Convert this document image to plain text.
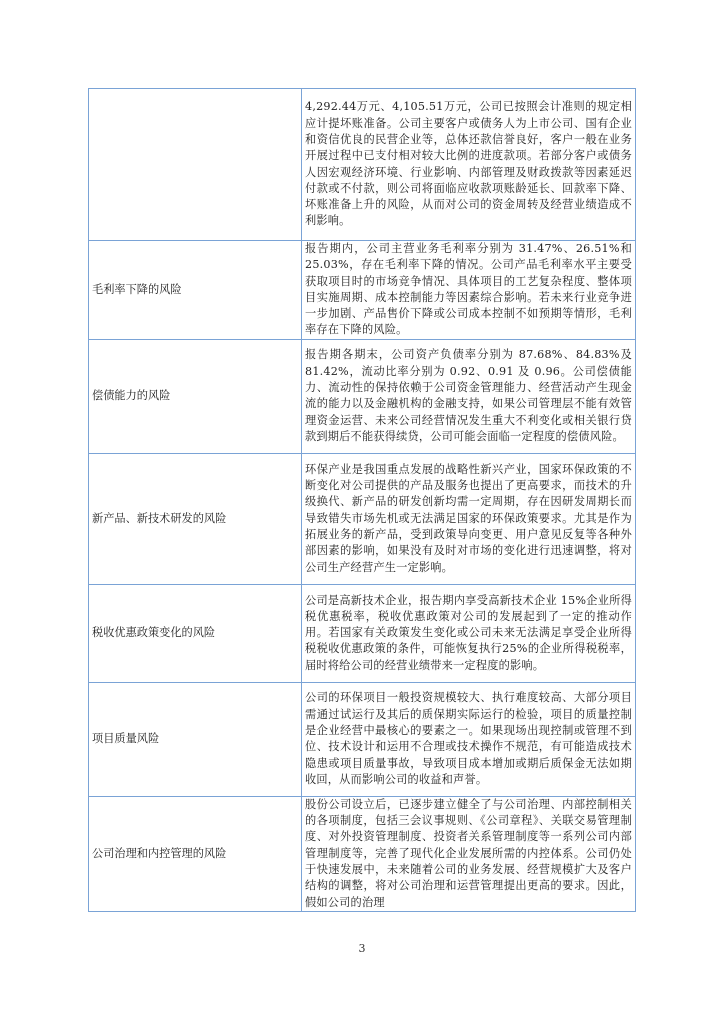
	4,292.44万元、4,105.51万元，公司已按照会计准则的规定相应计提坏账准备。公司主要客户或债务人为上市公司、国有企业和资信优良的民营企业等，总体还款信誉良好，客户一般在业务开展过程中已支付相对较大比例的进度款项。若部分客户或债务人因宏观经济环境、行业影响、内部管理及财政拨款等因素延迟付款或不付款，则公司将面临应收款项账龄延长、回款率下降、坏账准备上升的风险，从而对公司的资金周转及经营业绩造成不利影响。
毛利率下降的风险	报告期内，公司主营业务毛利率分别为 31.47%、26.51%和25.03%，存在毛利率下降的情况。公司产品毛利率水平主要受获取项目时的市场竞争情况、具体项目的工艺复杂程度、整体项目实施周期、成本控制能力等因素综合影响。若未来行业竞争进一步加剧、产品售价下降或公司成本控制不如预期等情形，毛利率存在下降的风险。
偿债能力的风险	报告期各期末，公司资产负债率分别为 87.68%、84.83%及81.42%，流动比率分别为 0.92、0.91 及 0.96。公司偿债能力、流动性的保持依赖于公司资金管理能力、经营活动产生现金流的能力以及金融机构的金融支持，如果公司管理层不能有效管理资金运营、未来公司经营情况发生重大不利变化或相关银行贷款到期后不能获得续贷，公司可能会面临一定程度的偿债风险。
新产品、新技术研发的风险	环保产业是我国重点发展的战略性新兴产业，国家环保政策的不断变化对公司提供的产品及服务也提出了更高要求，而技术的升级换代、新产品的研发创新均需一定周期，存在因研发周期长而导致错失市场先机或无法满足国家的环保政策要求。尤其是作为拓展业务的新产品，受到政策导向变更、用户意见反复等各种外部因素的影响，如果没有及时对市场的变化进行迅速调整，将对公司生产经营产生一定影响。
税收优惠政策变化的风险	公司是高新技术企业，报告期内享受高新技术企业 15%企业所得税优惠税率，税收优惠政策对公司的发展起到了一定的推动作用。若国家有关政策发生变化或公司未来无法满足享受企业所得税税收优惠政策的条件，可能恢复执行25%的企业所得税税率，届时将给公司的经营业绩带来一定程度的影响。
项目质量风险	公司的环保项目一般投资规模较大、执行难度较高、大部分项目需通过试运行及其后的质保期实际运行的检验，项目的质量控制是企业经营中最核心的要素之一。如果现场出现控制或管理不到位、技术设计和运用不合理或技术操作不规范，有可能造成技术隐患或项目质量事故，导致项目成本增加或期后质保金无法如期收回，从而影响公司的收益和声誉。
公司治理和内控管理的风险	股份公司设立后，已逐步建立健全了与公司治理、内部控制相关的各项制度，包括三会议事规则、《公司章程》、关联交易管理制度、对外投资管理制度、投资者关系管理制度等一系列公司内部管理制度等，完善了现代化企业发展所需的内控体系。公司仍处于快速发展中，未来随着公司的业务发展、经营规模扩大及客户结构的调整，将对公司治理和运营管理提出更高的要求。因此，假如公司的治理
3
